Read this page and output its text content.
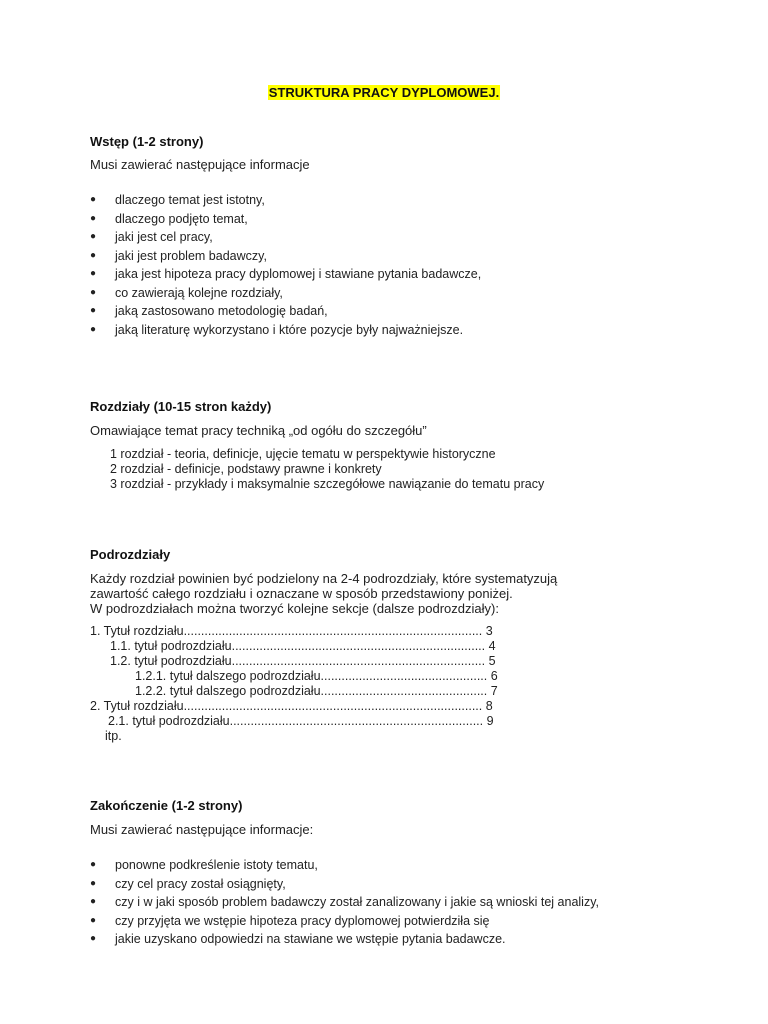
STRUKTURA PRACY DYPLOMOWEJ.
Wstęp (1-2 strony)
Musi zawierać następujące informacje
● dlaczego temat jest istotny,
● dlaczego podjęto temat,
● jaki jest cel pracy,
● jaki jest problem badawczy,
● jaka jest hipoteza pracy dyplomowej i stawiane pytania badawcze,
● co zawierają kolejne rozdziały,
● jaką zastosowano metodologię badań,
● jaką literaturę wykorzystano i które pozycje były najważniejsze.
Rozdziały (10-15 stron każdy)
Omawiające temat pracy techniką „od ogółu do szczegółu”
1 rozdział - teoria, definicje, ujęcie tematu w perspektywie historyczne
2 rozdział - definicje, podstawy prawne i konkrety
3 rozdział - przykłady i maksymalnie szczegółowe nawiązanie do tematu pracy
Podrozdziały
Każdy rozdział powinien być podzielony na 2-4 podrozdziały, które systematyzują
zawartość całego rozdziału i oznaczane w sposób przedstawiony poniżej.
W podrozdziałach można tworzyć kolejne sekcje (dalsze podrozdziały):
1. Tytuł rozdziału...................................................................................... 3
1.1. tytuł podrozdziału......................................................................... 4
1.2. tytuł podrozdziału......................................................................... 5
1.2.1. tytuł dalszego podrozdziału................................................ 6
1.2.2. tytuł dalszego podrozdziału................................................ 7
2. Tytuł rozdziału...................................................................................... 8
2.1. tytuł podrozdziału......................................................................... 9
itp.
Zakończenie (1-2 strony)
Musi zawierać następujące informacje:
● ponowne podkreślenie istoty tematu,
● czy cel pracy został osiągnięty,
● czy i w jaki sposób problem badawczy został zanalizowany i jakie są wnioski tej analizy,
● czy przyjęta we wstępie hipoteza pracy dyplomowej potwierdziła się
● jakie uzyskano odpowiedzi na stawiane we wstępie pytania badawcze.
